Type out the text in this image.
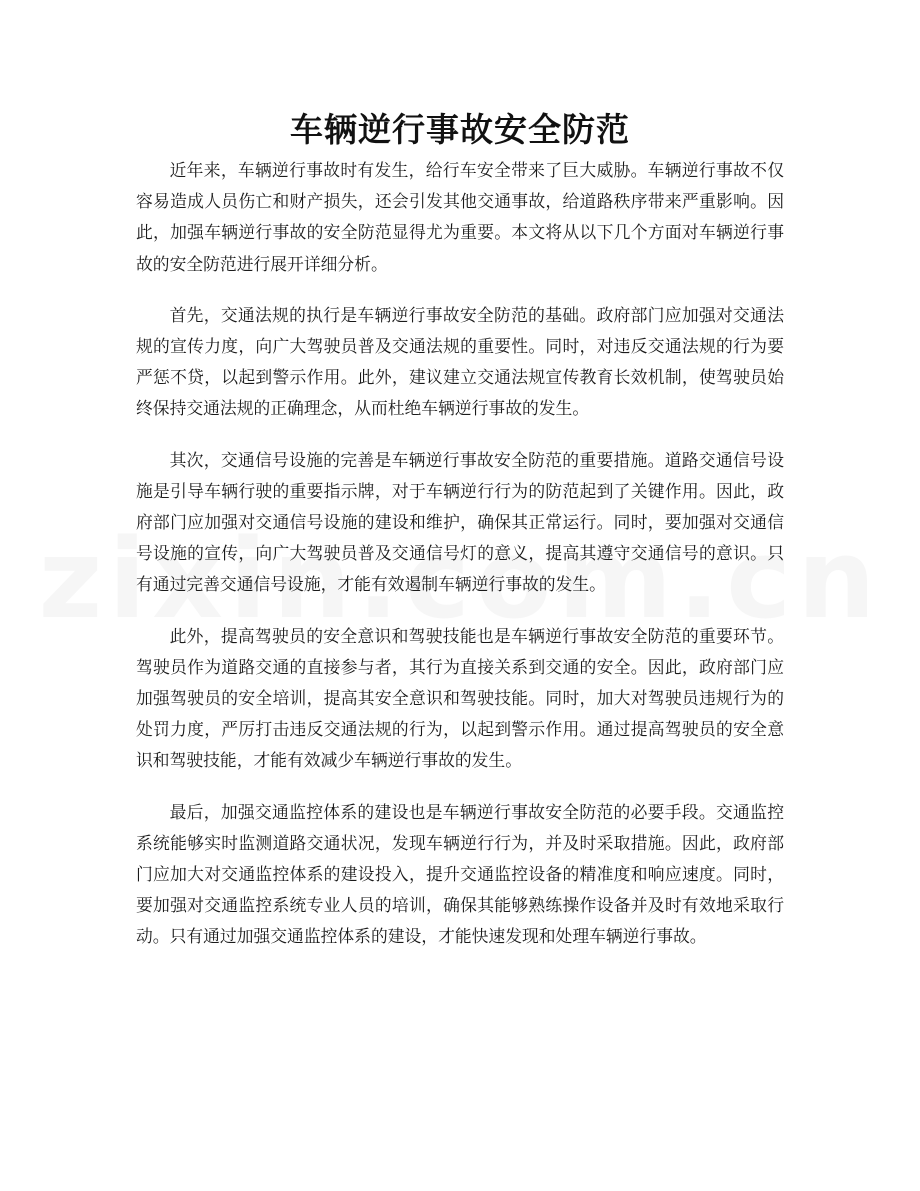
车辆逆行事故安全防范

近年来，车辆逆行事故时有发生，给行车安全带来了巨大威胁。车辆逆行事故不仅容易造成人员伤亡和财产损失，还会引发其他交通事故，给道路秩序带来严重影响。因此，加强车辆逆行事故的安全防范显得尤为重要。本文将从以下几个方面对车辆逆行事故的安全防范进行展开详细分析。

首先，交通法规的执行是车辆逆行事故安全防范的基础。政府部门应加强对交通法规的宣传力度，向广大驾驶员普及交通法规的重要性。同时，对违反交通法规的行为要严惩不贷，以起到警示作用。此外，建议建立交通法规宣传教育长效机制，使驾驶员始终保持交通法规的正确理念，从而杜绝车辆逆行事故的发生。

其次，交通信号设施的完善是车辆逆行事故安全防范的重要措施。道路交通信号设施是引导车辆行驶的重要指示牌，对于车辆逆行行为的防范起到了关键作用。因此，政府部门应加强对交通信号设施的建设和维护，确保其正常运行。同时，要加强对交通信号设施的宣传，向广大驾驶员普及交通信号灯的意义，提高其遵守交通信号的意识。只有通过完善交通信号设施，才能有效遏制车辆逆行事故的发生。

此外，提高驾驶员的安全意识和驾驶技能也是车辆逆行事故安全防范的重要环节。驾驶员作为道路交通的直接参与者，其行为直接关系到交通的安全。因此，政府部门应加强驾驶员的安全培训，提高其安全意识和驾驶技能。同时，加大对驾驶员违规行为的处罚力度，严厉打击违反交通法规的行为，以起到警示作用。通过提高驾驶员的安全意识和驾驶技能，才能有效减少车辆逆行事故的发生。

最后，加强交通监控体系的建设也是车辆逆行事故安全防范的必要手段。交通监控系统能够实时监测道路交通状况，发现车辆逆行行为，并及时采取措施。因此，政府部门应加大对交通监控体系的建设投入，提升交通监控设备的精准度和响应速度。同时，要加强对交通监控系统专业人员的培训，确保其能够熟练操作设备并及时有效地采取行动。只有通过加强交通监控体系的建设，才能快速发现和处理车辆逆行事故。
